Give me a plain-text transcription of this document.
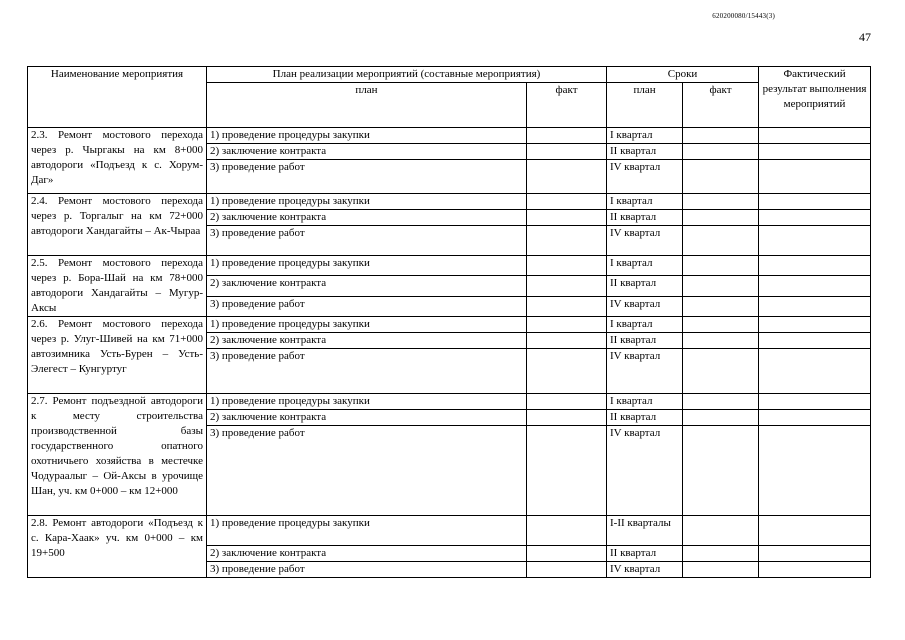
620200080/15443(3)
47
Наименование мероприятия	План реализации мероприятий (составные мероприятия)		Сроки		Фактический результат выполнения мероприятий
	план	факт	план	факт	
2.3. Ремонт мостового перехода через р. Чыргакы на км 8+000 автодороги «Подъезд к с. Хорум-Даг»	1) проведение процедуры закупки		I квартал		
	2) заключение контракта		II квартал		
	3) проведение работ		IV квартал		
2.4. Ремонт мостового перехода через р. Торгалыг на км 72+000 автодороги Хандагайты – Ак-Чыраа	1) проведение процедуры закупки		I квартал		
	2) заключение контракта		II квартал		
	3) проведение работ		IV квартал		
2.5. Ремонт мостового перехода через р. Бора-Шай на км 78+000 автодороги Хандагайты – Мугур-Аксы	1) проведение процедуры закупки		I квартал		
	2) заключение контракта		II квартал		
	3) проведение работ		IV квартал		
2.6. Ремонт мостового перехода через р. Улуг-Шивей на км 71+000 автозимника Усть-Бурен – Усть-Элегест – Кунгуртуг	1) проведение процедуры закупки		I квартал		
	2) заключение контракта		II квартал		
	3) проведение работ		IV квартал		
2.7. Ремонт подъездной автодороги к месту строительства производственной базы государственного опатного охотничьего хозяйства в местечке Чодураалыг – Ой-Аксы в урочище Шан, уч. км 0+000 – км 12+000	1) проведение процедуры закупки		I квартал		
	2) заключение контракта		II квартал		
	3) проведение работ		IV квартал		
2.8. Ремонт автодороги «Подъезд к с. Кара-Хаак» уч. км 0+000 – км 19+500	1) проведение процедуры закупки		I-II кварталы		
	2) заключение контракта		II квартал		
	3) проведение работ		IV квартал		
